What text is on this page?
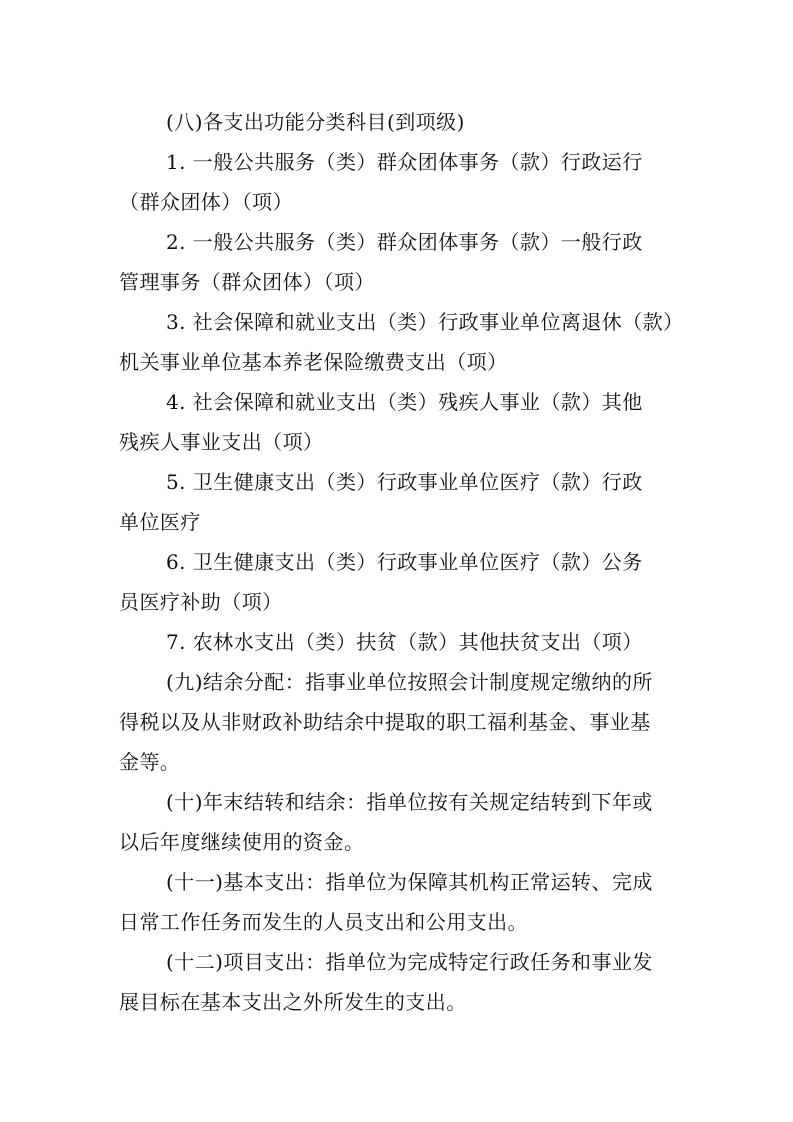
(八)各支出功能分类科目(到项级)
1. 一般公共服务（类）群众团体事务（款）行政运行
（群众团体）（项）
2. 一般公共服务（类）群众团体事务（款）一般行政
管理事务（群众团体）（项）
3. 社会保障和就业支出（类）行政事业单位离退休（款）
机关事业单位基本养老保险缴费支出（项）
4. 社会保障和就业支出（类）残疾人事业（款）其他
残疾人事业支出（项）
5. 卫生健康支出（类）行政事业单位医疗（款）行政
单位医疗
6. 卫生健康支出（类）行政事业单位医疗（款）公务
员医疗补助（项）
7. 农林水支出（类）扶贫（款）其他扶贫支出（项）
(九)结余分配：指事业单位按照会计制度规定缴纳的所
得税以及从非财政补助结余中提取的职工福利基金、事业基
金等。
(十)年末结转和结余：指单位按有关规定结转到下年或
以后年度继续使用的资金。
(十一)基本支出：指单位为保障其机构正常运转、完成
日常工作任务而发生的人员支出和公用支出。
(十二)项目支出：指单位为完成特定行政任务和事业发
展目标在基本支出之外所发生的支出。
